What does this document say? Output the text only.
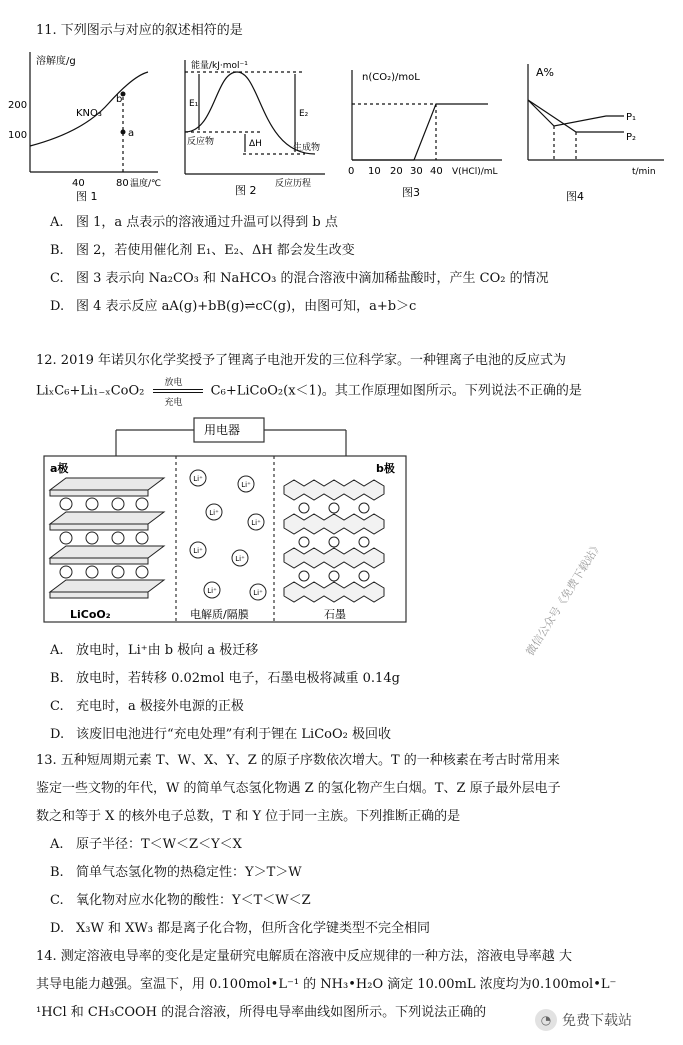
11. 下列图示与对应的叙述相符的是
溶解度/g
200
100
KNO₃
b
a
40	80 温度/℃
图 1
能量/kJ·mol⁻¹
E₁
E₂
ΔH
反应物
生成物
反应历程
图 2
n(CO₂)/moL
0 10 20 30 40 V(HCl)/mL
图3
A%
P₁
P₂
t/min
图4
A. 图 1，a 点表示的溶液通过升温可以得到 b 点
B. 图 2，若使用催化剂 E₁、E₂、ΔH 都会发生改变
C. 图 3 表示向 Na₂CO₃ 和 NaHCO₃ 的混合溶液中滴加稀盐酸时，产生 CO₂ 的情况
D. 图 4 表示反应 aA(g)+bB(g)⇌cC(g)，由图可知，a+b＞c
12. 2019 年诺贝尔化学奖授予了锂离子电池开发的三位科学家。一种锂离子电池的反应式为
LiₓC₆+Li₁₋ₓCoO₂
放电
充电
C₆+LiCoO₂(x＜1)。其工作原理如图所示。下列说法不正确的是
用电器
a极	b极
Li⁺
Li⁺
Li⁺
Li⁺
Li⁺
Li⁺
Li⁺	Li⁺
LiCoO₂	电解质/隔膜	石墨	微信公众号《免费下载站》
A. 放电时，Li⁺由 b 极向 a 极迁移
B. 放电时，若转移 0.02mol 电子，石墨电极将减重 0.14g
C. 充电时，a 极接外电源的正极
D. 该废旧电池进行“充电处理”有利于锂在 LiCoO₂ 极回收
13. 五种短周期元素 T、W、X、Y、Z 的原子序数依次增大。T 的一种核素在考古时常用来
鉴定一些文物的年代，W 的简单气态氢化物遇 Z 的氢化物产生白烟。T、Z 原子最外层电子
数之和等于 X 的核外电子总数，T 和 Y 位于同一主族。下列推断正确的是
A. 原子半径：T＜W＜Z＜Y＜X
B. 简单气态氢化物的热稳定性：Y＞T＞W
C. 氧化物对应水化物的酸性：Y＜T＜W＜Z
D. X₃W 和 XW₃ 都是离子化合物，但所含化学键类型不完全相同
14. 测定溶液电导率的变化是定量研究电解质在溶液中反应规律的一种方法，溶液电导率越 大
其导电能力越强。室温下，用 0.100mol•L⁻¹ 的 NH₃•H₂O 滴定 10.00mL 浓度均为0.100mol•L⁻
¹HCl 和 CH₃COOH 的混合溶液，所得电导率曲线如图所示。下列说法正确的	◔ 免费下载站
